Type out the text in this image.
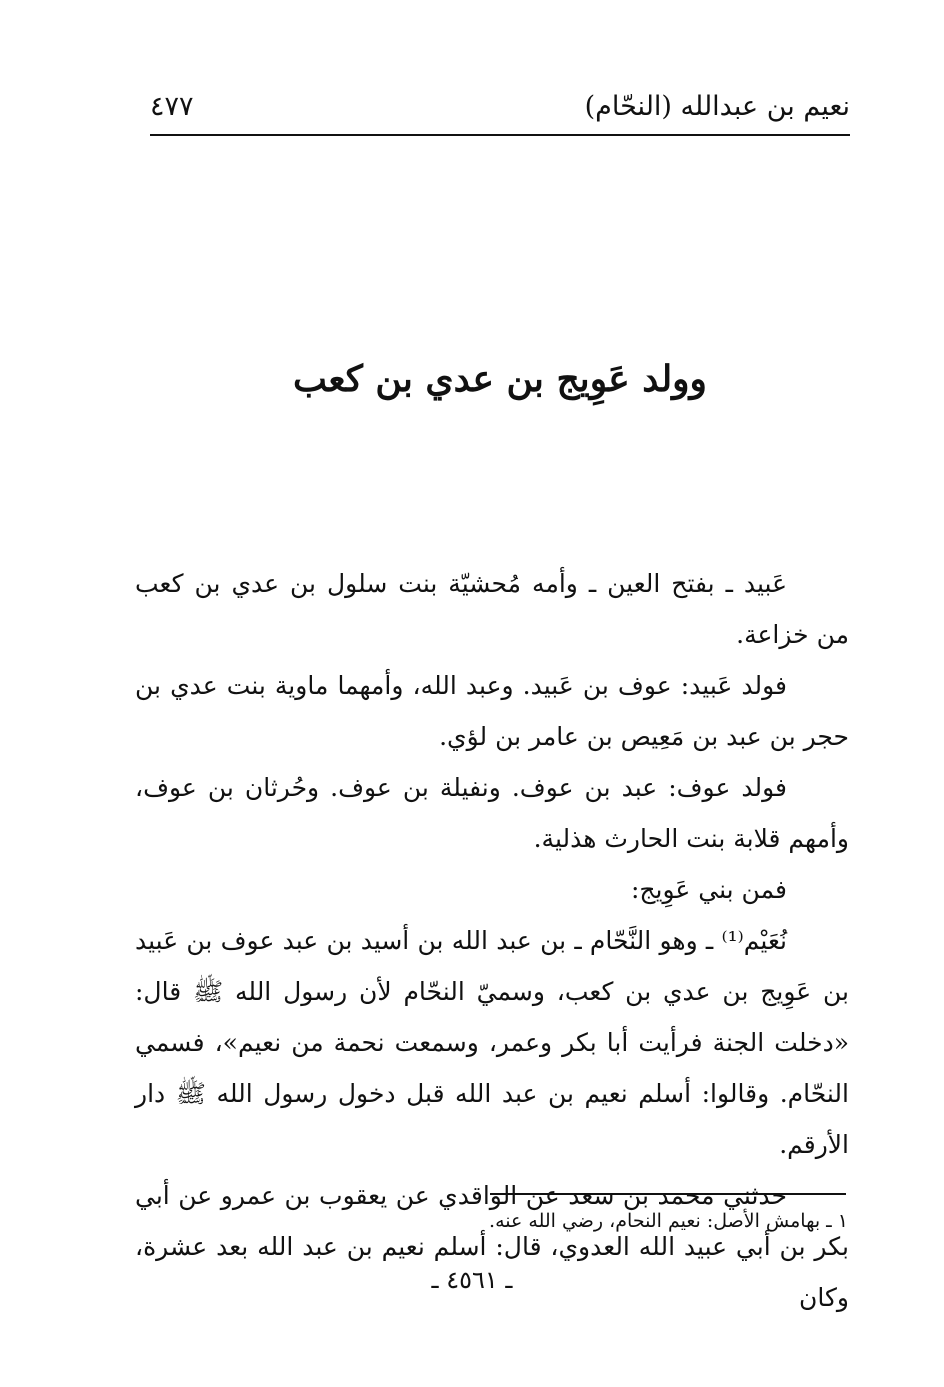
نعيم بن عبدالله (النحّام)
٤٧٧
وولد عَوِيج بن عدي بن كعب

عَبيد ـ بفتح العين ـ وأمه مُحشيّة بنت سلول بن عدي بن كعب من خزاعة.

فولد عَبيد: عوف بن عَبيد. وعبد الله، وأمهما ماوية بنت عدي بن حجر بن عبد بن مَعِيص بن عامر بن لؤي.

فولد عوف: عبد بن عوف. ونفيلة بن عوف. وحُرثان بن عوف، وأمهم قلابة بنت الحارث هذلية.

فمن بني عَوِيج:

نُعَيْم⁽¹⁾ ـ وهو النَّحّام ـ بن عبد الله بن أسيد بن عبد عوف بن عَبيد بن عَوِيج بن عدي بن كعب، وسميّ النحّام لأن رسول الله ﷺ قال: «دخلت الجنة فرأيت أبا بكر وعمر، وسمعت نحمة من نعيم»، فسمي النحّام. وقالوا: أسلم نعيم بن عبد الله قبل دخول رسول الله ﷺ دار الأرقم.

حدثني محمد بن سعد عن الواقدي عن يعقوب بن عمرو عن أبي بكر بن أبي عبيد الله العدوي، قال: أسلم نعيم بن عبد الله بعد عشرة، وكان

١ ـ بهامش الأصل: نعيم النحام، رضي الله عنه.
ـ ٤٥٦١ ـ
